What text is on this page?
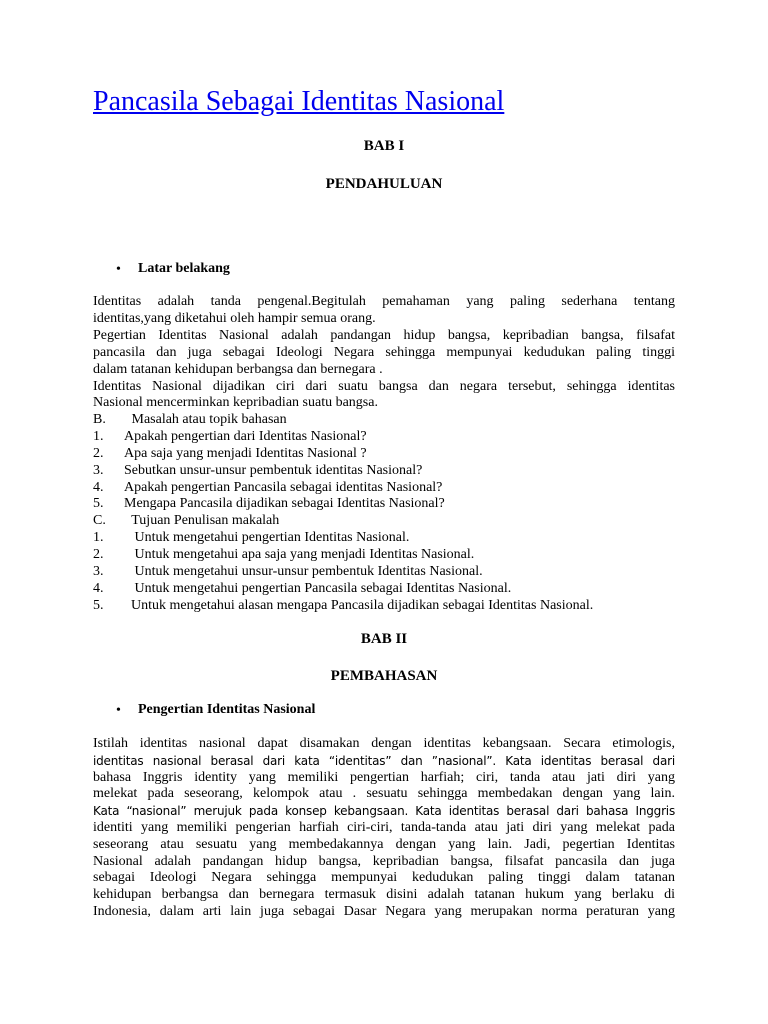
Pancasila Sebagai Identitas Nasional
BAB I
PENDAHULUAN
• Latar belakang
Identitas adalah tanda pengenal.Begitulah pemahaman yang paling sederhana tentang
identitas,yang diketahui oleh hampir semua orang.
Pegertian Identitas Nasional adalah pandangan hidup bangsa, kepribadian bangsa, filsafat
pancasila dan juga sebagai Ideologi Negara sehingga mempunyai kedudukan paling tinggi
dalam tatanan kehidupan berbangsa dan bernegara .
Identitas Nasional dijadikan ciri dari suatu bangsa dan negara tersebut, sehingga identitas
Nasional mencerminkan kepribadian suatu bangsa.
B. Masalah atau topik bahasan
1. Apakah pengertian dari Identitas Nasional?
2. Apa saja yang menjadi Identitas Nasional ?
3. Sebutkan unsur-unsur pembentuk identitas Nasional?
4. Apakah pengertian Pancasila sebagai identitas Nasional?
5. Mengapa Pancasila dijadikan sebagai Identitas Nasional?
C. Tujuan Penulisan makalah
1. Untuk mengetahui pengertian Identitas Nasional.
2. Untuk mengetahui apa saja yang menjadi Identitas Nasional.
3. Untuk mengetahui unsur-unsur pembentuk Identitas Nasional.
4. Untuk mengetahui pengertian Pancasila sebagai Identitas Nasional.
5. Untuk mengetahui alasan mengapa Pancasila dijadikan sebagai Identitas Nasional.
BAB II
PEMBAHASAN
• Pengertian Identitas Nasional
Istilah identitas nasional dapat disamakan dengan identitas kebangsaan. Secara etimologis,
identitas nasional berasal dari kata “identitas” dan ”nasional”. Kata identitas berasal dari
bahasa Inggris identity yang memiliki pengertian harfiah; ciri, tanda atau jati diri yang
melekat pada seseorang, kelompok atau . sesuatu sehingga membedakan dengan yang lain.
Kata “nasional” merujuk pada konsep kebangsaan. Kata identitas berasal dari bahasa Inggris
identiti yang memiliki pengerian harfiah ciri-ciri, tanda-tanda atau jati diri yang melekat pada
seseorang atau sesuatu yang membedakannya dengan yang lain. Jadi, pegertian Identitas
Nasional adalah pandangan hidup bangsa, kepribadian bangsa, filsafat pancasila dan juga
sebagai Ideologi Negara sehingga mempunyai kedudukan paling tinggi dalam tatanan
kehidupan berbangsa dan bernegara termasuk disini adalah tatanan hukum yang berlaku di
Indonesia, dalam arti lain juga sebagai Dasar Negara yang merupakan norma peraturan yang
